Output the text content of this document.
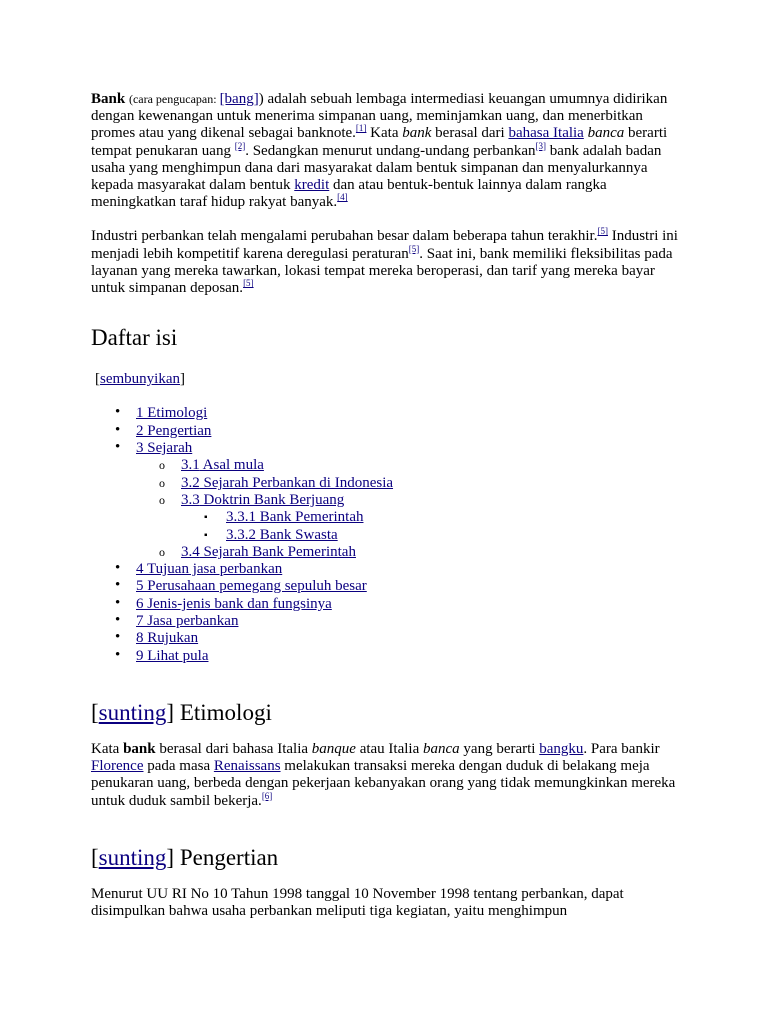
Bank (cara pengucapan: [bang]) adalah sebuah lembaga intermediasi keuangan umumnya didirikan dengan kewenangan untuk menerima simpanan uang, meminjamkan uang, dan menerbitkan promes atau yang dikenal sebagai banknote.[1] Kata bank berasal dari bahasa Italia banca berarti tempat penukaran uang [2]. Sedangkan menurut undang-undang perbankan[3] bank adalah badan usaha yang menghimpun dana dari masyarakat dalam bentuk simpanan dan menyalurkannya kepada masyarakat dalam bentuk kredit dan atau bentuk-bentuk lainnya dalam rangka meningkatkan taraf hidup rakyat banyak.[4]

Industri perbankan telah mengalami perubahan besar dalam beberapa tahun terakhir.[5] Industri ini menjadi lebih kompetitif karena deregulasi peraturan[5]. Saat ini, bank memiliki fleksibilitas pada layanan yang mereka tawarkan, lokasi tempat mereka beroperasi, dan tarif yang mereka bayar untuk simpanan deposan.[5]

Daftar isi
[sembunyikan]
• 1 Etimologi
• 2 Pengertian
• 3 Sejarah
o 3.1 Asal mula
o 3.2 Sejarah Perbankan di Indonesia
o 3.3 Doktrin Bank Berjuang
▪ 3.3.1 Bank Pemerintah
▪ 3.3.2 Bank Swasta
o 3.4 Sejarah Bank Pemerintah
• 4 Tujuan jasa perbankan
• 5 Perusahaan pemegang sepuluh besar
• 6 Jenis-jenis bank dan fungsinya
• 7 Jasa perbankan
• 8 Rujukan
• 9 Lihat pula
[sunting] Etimologi

Kata bank berasal dari bahasa Italia banque atau Italia banca yang berarti bangku. Para bankir Florence pada masa Renaissans melakukan transaksi mereka dengan duduk di belakang meja penukaran uang, berbeda dengan pekerjaan kebanyakan orang yang tidak memungkinkan mereka untuk duduk sambil bekerja.[6]

[sunting] Pengertian

Menurut UU RI No 10 Tahun 1998 tanggal 10 November 1998 tentang perbankan, dapat disimpulkan bahwa usaha perbankan meliputi tiga kegiatan, yaitu menghimpun
